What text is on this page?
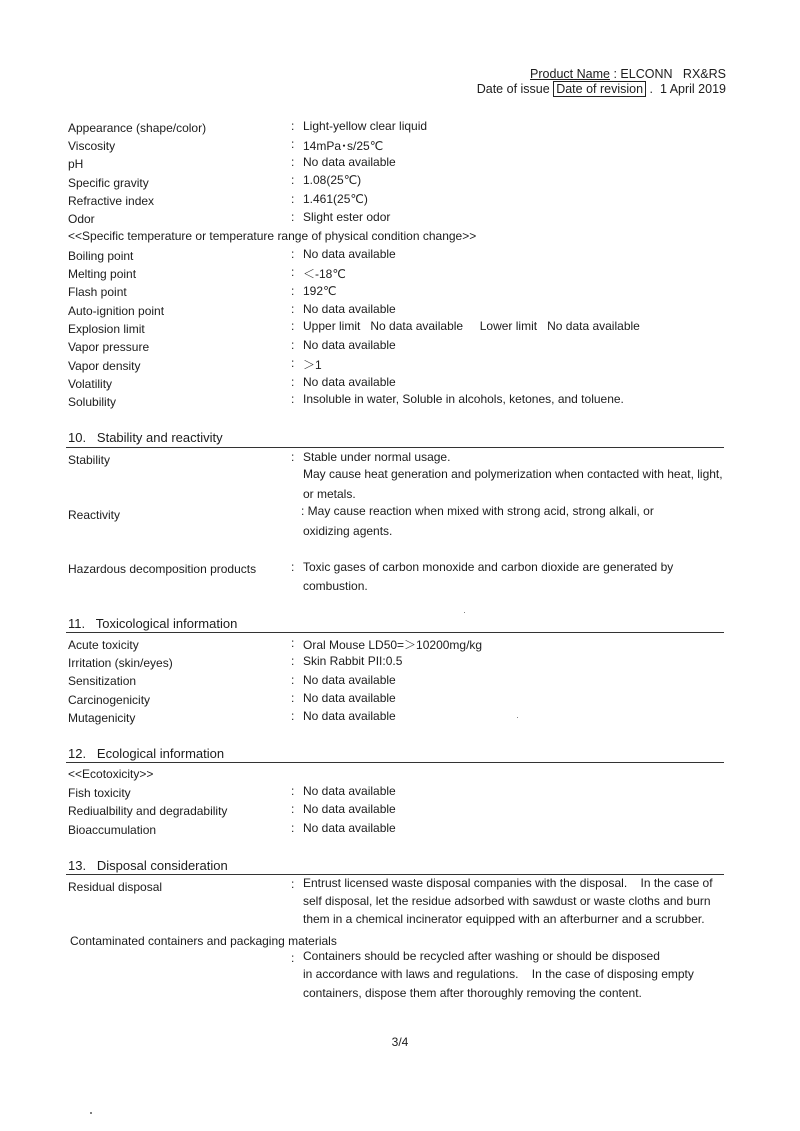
Product Name : ELCONN   RX&RS
Date of issue Date of revision . 1 April 2019
Appearance (shape/color)	: Light-yellow clear liquid
Viscosity	: 14mPa･s/25℃
pH	: No data available
Specific gravity	: 1.08(25℃)
Refractive index	: 1.461(25℃)
Odor	: Slight ester odor
<<Specific temperature or temperature range of physical condition change>>
Boiling point	: No data available
Melting point	: ＜-18℃
Flash point	: 192℃
Auto-ignition point	: No data available
Explosion limit	: Upper limit   No data available     Lower limit   No data available
Vapor pressure	: No data available
Vapor density	: ＞1
Volatility	: No data available
Solubility	: Insoluble in water, Soluble in alcohols, ketones, and toluene.
10.   Stability and reactivity
Stability	: Stable under normal usage.
May cause heat generation and polymerization when contacted with heat, light,
or metals.
Reactivity	: May cause reaction when mixed with strong acid, strong alkali, or
oxidizing agents.
Hazardous decomposition products	: Toxic gases of carbon monoxide and carbon dioxide are generated by
combustion.
11.   Toxicological information
Acute toxicity	: Oral Mouse LD50=＞10200mg/kg
Irritation (skin/eyes)	: Skin Rabbit PII:0.5
Sensitization	: No data available
Carcinogenicity	: No data available
Mutagenicity	: No data available
12.   Ecological information
<<Ecotoxicity>>
Fish toxicity	: No data available
Rediualbility and degradability	: No data available
Bioaccumulation	: No data available
13.   Disposal consideration
Residual disposal	: Entrust licensed waste disposal companies with the disposal.    In the case of
self disposal, let the residue adsorbed with sawdust or waste cloths and burn
them in a chemical incinerator equipped with an afterburner and a scrubber.
Contaminated containers and packaging materials
: Containers should be recycled after washing or should be disposed
in accordance with laws and regulations.    In the case of disposing empty
containers, dispose them after thoroughly removing the content.
3/4
